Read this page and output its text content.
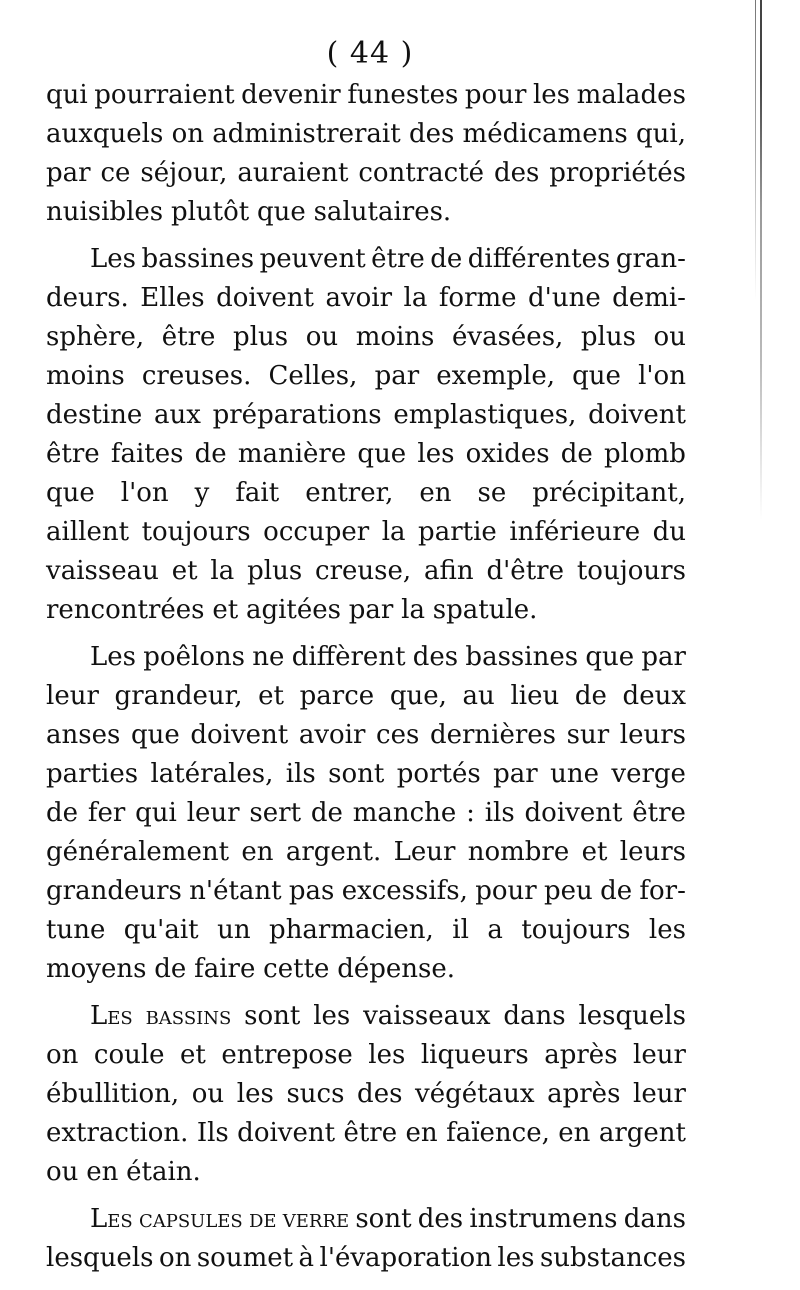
( 44 )
qui pourraient devenir funestes pour les malades
auxquels on administrerait des médicamens qui,
par ce séjour, auraient contracté des propriétés
nuisibles plutôt que salutaires.
Les bassines peuvent être de différentes gran-
deurs. Elles doivent avoir la forme d'une demi-
sphère, être plus ou moins évasées, plus ou
moins creuses. Celles, par exemple, que l'on
destine aux préparations emplastiques, doivent
être faites de manière que les oxides de plomb
que l'on y fait entrer, en se précipitant,
aillent toujours occuper la partie inférieure du
vaisseau et la plus creuse, afin d'être toujours
rencontrées et agitées par la spatule.
Les poêlons ne diffèrent des bassines que par
leur grandeur, et parce que, au lieu de deux
anses que doivent avoir ces dernières sur leurs
parties latérales, ils sont portés par une verge
de fer qui leur sert de manche : ils doivent être
généralement en argent. Leur nombre et leurs
grandeurs n'étant pas excessifs, pour peu de for-
tune qu'ait un pharmacien, il a toujours les
moyens de faire cette dépense.
Les bassins sont les vaisseaux dans lesquels
on coule et entrepose les liqueurs après leur
ébullition, ou les sucs des végétaux après leur
extraction. Ils doivent être en faïence, en argent
ou en étain.
Les capsules de verre sont des instrumens dans
lesquels on soumet à l'évaporation les substances
